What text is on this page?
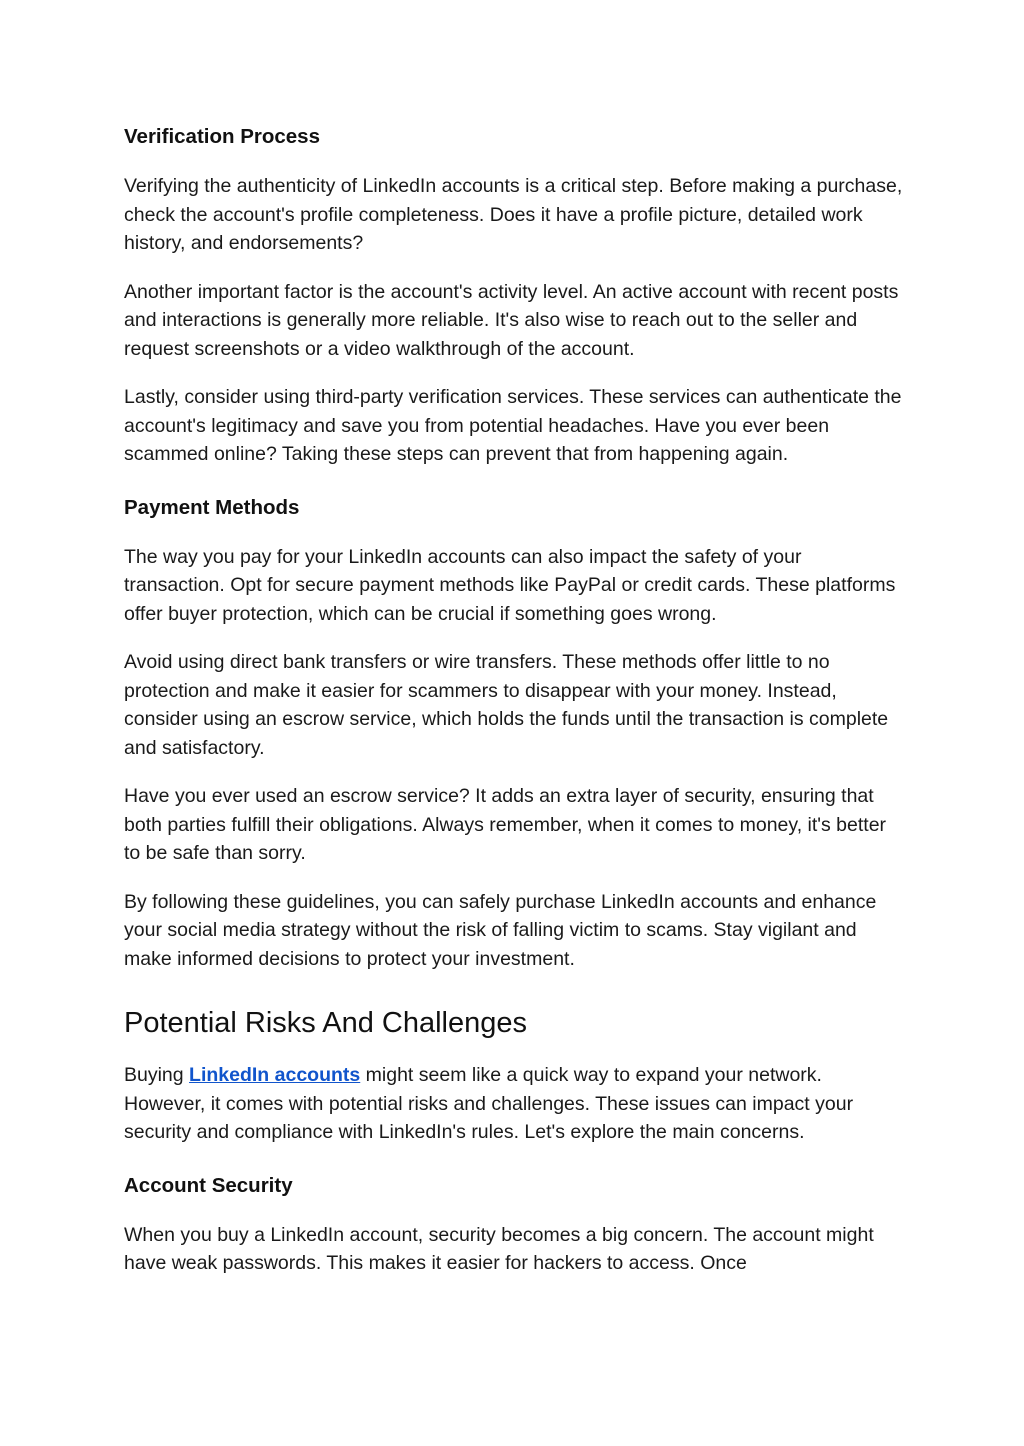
Verification Process

Verifying the authenticity of LinkedIn accounts is a critical step. Before making a purchase, check the account's profile completeness. Does it have a profile picture, detailed work history, and endorsements?

Another important factor is the account's activity level. An active account with recent posts and interactions is generally more reliable. It's also wise to reach out to the seller and request screenshots or a video walkthrough of the account.

Lastly, consider using third-party verification services. These services can authenticate the account's legitimacy and save you from potential headaches. Have you ever been scammed online? Taking these steps can prevent that from happening again.

Payment Methods

The way you pay for your LinkedIn accounts can also impact the safety of your transaction. Opt for secure payment methods like PayPal or credit cards. These platforms offer buyer protection, which can be crucial if something goes wrong.

Avoid using direct bank transfers or wire transfers. These methods offer little to no protection and make it easier for scammers to disappear with your money. Instead, consider using an escrow service, which holds the funds until the transaction is complete and satisfactory.

Have you ever used an escrow service? It adds an extra layer of security, ensuring that both parties fulfill their obligations. Always remember, when it comes to money, it's better to be safe than sorry.

By following these guidelines, you can safely purchase LinkedIn accounts and enhance your social media strategy without the risk of falling victim to scams. Stay vigilant and make informed decisions to protect your investment.

Potential Risks And Challenges

Buying LinkedIn accounts might seem like a quick way to expand your network. However, it comes with potential risks and challenges. These issues can impact your security and compliance with LinkedIn's rules. Let's explore the main concerns.

Account Security

When you buy a LinkedIn account, security becomes a big concern. The account might have weak passwords. This makes it easier for hackers to access. Once
